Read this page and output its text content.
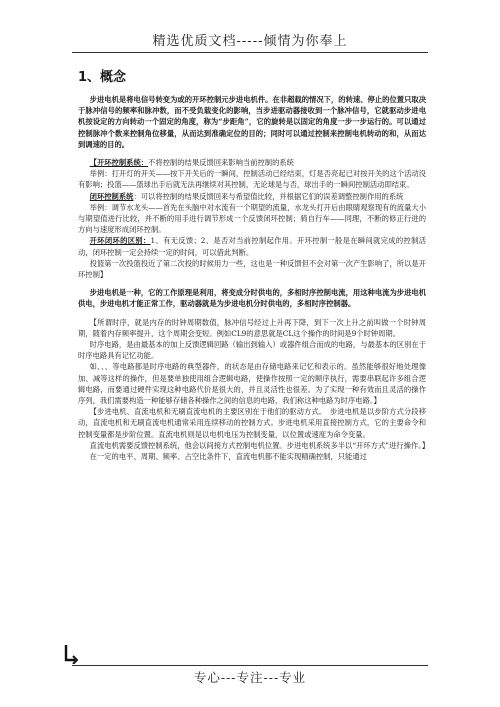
精选优质文档-----倾情为你奉上
1、概念

步进电机是将电信号转变为或的开环控制元步进电机件。在非超载的情况下，的转速、停止的位置只取决于脉冲信号的频率和脉冲数，而不受负载变化的影响，当步进驱动器接收到一个脉冲信号，它就驱动步进电机按设定的方向转动一个固定的角度，称为“步距角”，它的旋转是以固定的角度一步一步运行的。可以通过控制脉冲个数来控制角位移量，从而达到准确定位的目的；同时可以通过控制来控制电机转动的和，从而达到调速的目的。

【开环控制系统：不将控制的结果反馈回来影响当前控制的系统

举例：打开灯的开关——按下开关后的一瞬间，控制活动已经结束，灯是否亮起已对按开关的这个活动没有影响；投篮——篮球出手后就无法再继续对其控制，无论球是与否，球出手的一瞬间控制活动即结束。

闭环控制系统：可以将控制的结果反馈回来与希望值比较，并根据它们的误差调整控制作用的系统

举例：调节水龙头——首先在头脑中对水流有一个期望的流量，水龙头打开后由眼睛观察现有的流量大小与期望值进行比较，并不断的用手进行调节形成一个反馈闭环控制；骑自行车——同理，不断的修正行进的方向与速度形成闭环控制。

开环闭环的区别：1、有无反馈；2、是否对当前控制起作用。开环控制一般是在瞬间就完成的控制活动，闭环控制一定会持续一定的时间，可以借此判断。

投篮第一次投篮投近了第二次投的时候用力一些，这也是一种反馈但不会对第一次产生影响了，所以是开环控制】

步进电机是一种，它的工作原理是利用，将变成分时供电的，多相时序控制电流，用这种电流为步进电机供电，步进电机才能正常工作，驱动器就是为步进电机分时供电的，多相时序控制器。

【所谓时序，就是内存的时钟周期数值，脉冲信号经过上升再下降，到下一次上升之前叫做一个时钟周期，随着内存频率提升，这个周期会变短。例如CL9的意思就是CL这个操作的时间是9个时钟周期。

时序电路，是由最基本的加上反馈逻辑回路（输出到输入）或器件组合而成的电路，与最基本的区别在于时序电路具有记忆功能。

如、、、等电路都是时序电路的典型器件，的状态是由存储电路来记忆和表示的。虽然能够很好地处理像加、减等这样的操作，但是要单独使用组合逻辑电路，使操作按照一定的顺序执行，需要串联起许多组合逻辑电路，而要通过硬件实现这种电路代价是很大的，并且灵活性也很差。为了实现一种有效而且灵活的操作序列，我们需要构造一种能够存储各种操作之间的信息的电路，我们称这种电路为时序电路。】

【步进电机、直流电机和无刷直流电机的主要区别在于他们的驱动方式。　步进电机是以步阶方式分段移动，直流电机和无刷直流电机通常采用连续移动的控制方式。步进电机采用直接控制方式，它的主要命令和控制变量都是步阶位置。直流电机则是以电机电压为控制变量，以位置或速度为命令变量。

直流电机需要反馈控制系统，他会以间接方式控制电机位置。步进电机系统多半以“开环方式”进行操作。】

在一定的电平、周期、频率、占空比条件下，直流电机都不能实现精确控制，只能通过

专心---专注---专业
